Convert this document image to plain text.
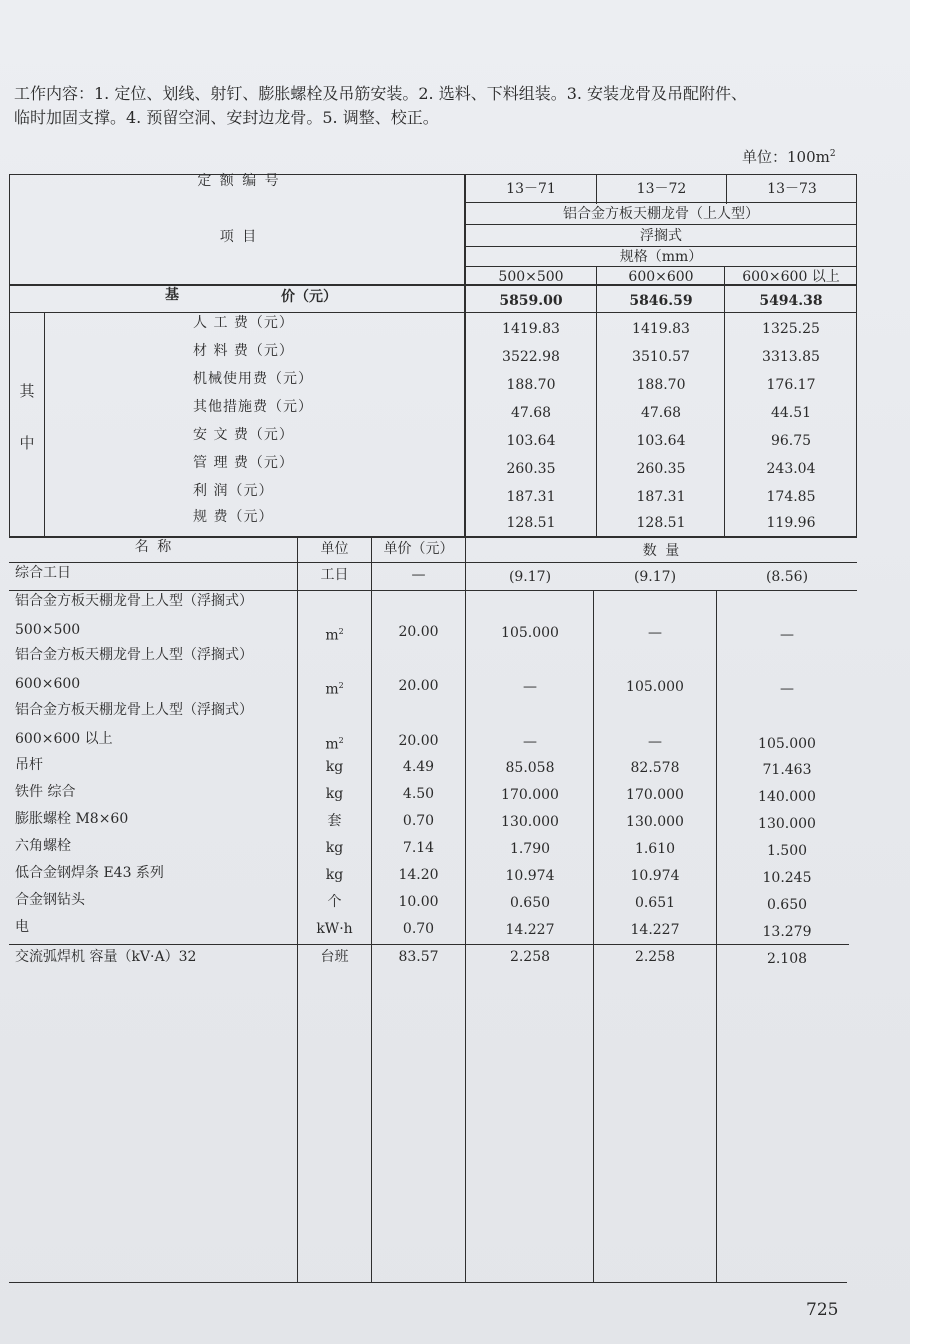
工作内容：1. 定位、划线、射钉、膨胀螺栓及吊筋安装。2. 选料、下料组装。3. 安装龙骨及吊配附件、
临时加固支撑。4. 预留空洞、安封边龙骨。5. 调整、校正。
单位：$100m^2$
定 额 编 号	13－71	13－72	13－73
项 目
铝合金方板天棚龙骨（上人型）
浮搁式
规格（mm）
500×500	600×600	600×600 以上
基	价（元）	5859.00	5846.59	5494.38
其
中
人 工 费（元）	1419.83	1419.83	1325.25
材 料 费（元）	3522.98	3510.57	3313.85
机械使用费（元）	188.70	188.70	176.17
其他措施费（元）	47.68	47.68	44.51
安 文 费（元）	103.64	103.64	96.75
管 理 费（元）	260.35	260.35	243.04
利 润（元）	187.31	187.31	174.85
规 费（元）	128.51	128.51	119.96
名 称	单位	单价（元）	数 量
综合工日	工日	—	(9.17)	(9.17)	(8.56)
铝合金方板天棚龙骨上人型（浮搁式）
500×500	$m^2$	20.00	105.000	—	—
铝合金方板天棚龙骨上人型（浮搁式）
600×600	$m^2$	20.00	—	105.000	—
铝合金方板天棚龙骨上人型（浮搁式）
600×600 以上	$m^2$	20.00	—	—	105.000
吊杆	kg	4.49	85.058	82.578	71.463
铁件 综合	kg	4.50	170.000	170.000	140.000
膨胀螺栓 M8×60	套	0.70	130.000	130.000	130.000
六角螺栓	kg	7.14	1.790	1.610	1.500
低合金钢焊条 E43 系列	kg	14.20	10.974	10.974	10.245
合金钢钻头	个	10.00	0.650	0.651	0.650
电	kW·h	0.70	14.227	14.227	13.279
交流弧焊机 容量（kV·A）32	台班	83.57	2.258	2.258	2.108
725
